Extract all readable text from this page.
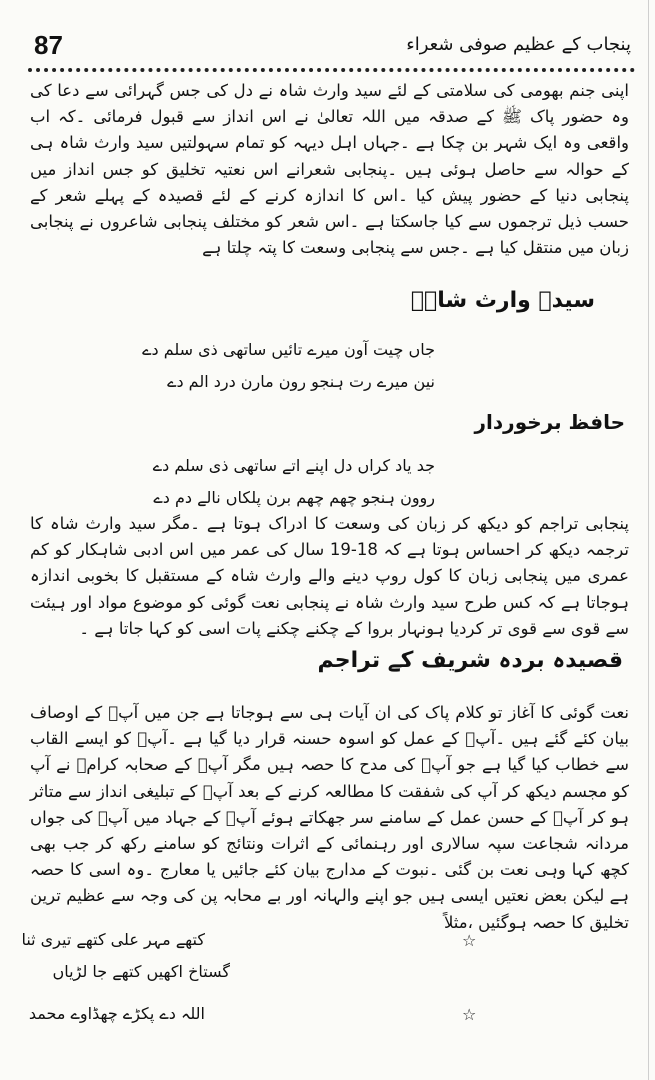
87	پنجاب کے عظیم صوفی شعراء

اپنی جنم بھومی کی سلامتی کے لئے سید وارث شاہ نے دل کی جس گہرائی سے دعا کی وہ حضور پاک ﷺ کے صدقہ میں اللہ تعالیٰ نے اس انداز سے قبول فرمائی ۔کہ اب واقعی وہ ایک شہر بن چکا ہے ۔جہاں اہل دیہہ کو تمام سہولتیں سید وارث شاہ ہی کے حوالہ سے حاصل ہوئی ہیں ۔پنجابی شعرانے اس نعتیہ تخلیق کو جس انداز میں پنجابی دنیا کے حضور پیش کیا ۔اس کا اندازہ کرنے کے لئے قصیدہ کے پہلے شعر کے حسب ذیل ترجموں سے کیا جاسکتا ہے ۔اس شعر کو مختلف پنجابی شاعروں نے پنجابی زبان میں منتقل کیا ہے ۔جس سے پنجابی وسعت کا پتہ چلتا ہے

سیدؒ وارث شاہؒ
جاں چیت آون میرے تائیں ساتھی ذی سلم دے
نین میرے رت ہنجو رون مارن درد الم دے
حافظ برخوردار
جد یاد کراں دل اپنے اتے ساتھی ذی سلم دے
روون ہنجو چھم چھم برن پلکاں نالے دم دے

پنجابی تراجم کو دیکھ کر زبان کی وسعت کا ادراک ہوتا ہے ۔مگر سید وارث شاہ کا ترجمہ دیکھ کر احساس ہوتا ہے کہ 18-19 سال کی عمر میں اس ادبی شاہکار کو کم عمری میں پنجابی زبان کا کول روپ دینے والے وارث شاہ کے مستقبل کا بخوبی اندازہ ہوجاتا ہے کہ کس طرح سید وارث شاہ نے پنجابی نعت گوئی کو موضوع مواد اور ہیئت سے قوی سے قوی تر کردیا ہونہار بروا کے چکنے چکنے پات اسی کو کہا جاتا ہے ۔

قصیدہ بردہ شریف کے تراجم

نعت گوئی کا آغاز تو کلام پاک کی ان آیات ہی سے ہوجاتا ہے جن میں آپؐ کے اوصاف بیان کئے گئے ہیں ۔آپؐ کے عمل کو اسوہ حسنہ قرار دیا گیا ہے ۔آپؐ کو ایسے القاب سے خطاب کیا گیا ہے جو آپؐ کی مدح کا حصہ ہیں مگر آپؐ کے صحابہ کرامؓ نے آپ کو مجسم دیکھ کر آپ کی شفقت کا مطالعہ کرنے کے بعد آپؐ کے تبلیغی انداز سے متاثر ہو کر آپؐ کے حسن عمل کے سامنے سر جھکاتے ہوئے آپؐ کے جہاد میں آپؐ کی جواں مردانہ شجاعت سپہ سالاری اور رہنمائی کے اثرات ونتائج کو سامنے رکھ کر جب بھی کچھ کہا وہی نعت بن گئی ۔نبوت کے مدارج بیان کئے جائیں یا معارج ۔وہ اسی کا حصہ ہے لیکن بعض نعتیں ایسی ہیں جو اپنے والہانہ اور بے محابہ پن کی وجہ سے عظیم ترین تخلیق کا حصہ ہوگئیں ،مثلاً

☆
کتھے مہر علی کتھے تیری ثنا
گستاخ اکھیں کتھے جا لڑیاں
☆
اللہ دے پکڑے چھڈاوے محمد
